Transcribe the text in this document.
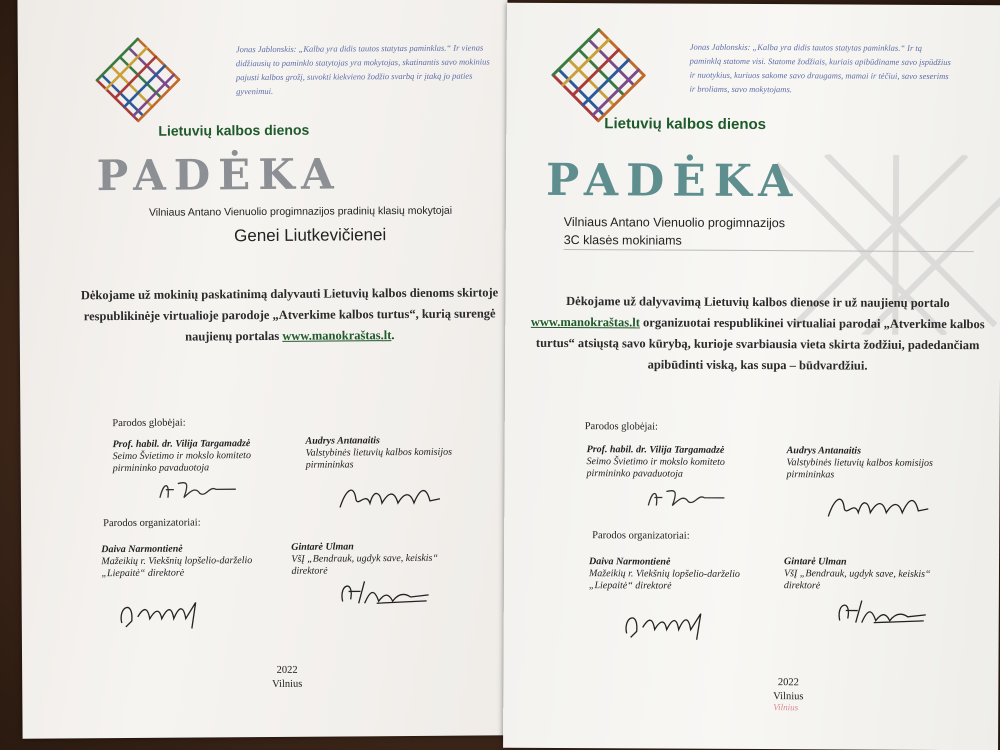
Lietuvių kalbos dienos
Jonas Jablonskis: „Kalba yra didis tautos statytas paminklas.“ Ir vienas didžiausių to paminklo statytojas yra mokytojas, skatinantis savo mokinius pajusti kalbos grožį, suvokti kiekvieno žodžio svarbą ir įtaką jo paties gyvenimui.
PADĖKA
Vilniaus Antano Vienuolio progimnazijos pradinių klasių mokytojai
Genei Liutkevičienei
Dėkojame už mokinių paskatinimą dalyvauti Lietuvių kalbos dienoms skirtoje respublikinėje virtualioje parodoje „Atverkime kalbos turtus“, kurią surengė naujienų portalas www.manokraštas.lt.
Parodos globėjai:
Prof. habil. dr. Vilija Targamadzė
Seimo Švietimo ir mokslo komiteto pirmininko pavaduotoja
Audrys Antanaitis
Valstybinės lietuvių kalbos komisijos pirmininkas
Parodos organizatoriai:
Daiva Narmontienė
Mažeikių r. Viekšnių lopšelio-darželio „Liepaitė“ direktorė
Gintarė Ulman
VšĮ „Bendrauk, ugdyk save, keiskis“ direktorė
2022
Vilnius
Lietuvių kalbos dienos
Jonas Jablonskis: „Kalba yra didis tautos statytas paminklas.“ Ir tą paminklą statome visi. Statome žodžiais, kuriais apibūdiname savo įspūdžius ir nuotykius, kuriuos sakome savo draugams, mamai ir tėčiui, savo seserims ir broliams, savo mokytojams.
PADĖKA
Vilniaus Antano Vienuolio progimnazijos
3C klasės mokiniams
Dėkojame už dalyvavimą Lietuvių kalbos dienose ir už naujienų portalo www.manokraštas.lt organizuotai respublikinei virtualiai parodai „Atverkime kalbos turtus“ atsiųstą savo kūrybą, kurioje svarbiausia vieta skirta žodžiui, padedančiam apibūdinti viską, kas supa – būdvardžiui.
Parodos globėjai:
Prof. habil. dr. Vilija Targamadzė
Seimo Švietimo ir mokslo komiteto pirmininko pavaduotoja
Audrys Antanaitis
Valstybinės lietuvių kalbos komisijos pirmininkas
Parodos organizatoriai:
Daiva Narmontienė
Mažeikių r. Viekšnių lopšelio-darželio „Liepaitė“ direktorė
Gintarė Ulman
VšĮ „Bendrauk, ugdyk save, keiskis“ direktorė
2022
Vilnius
Vilnius
